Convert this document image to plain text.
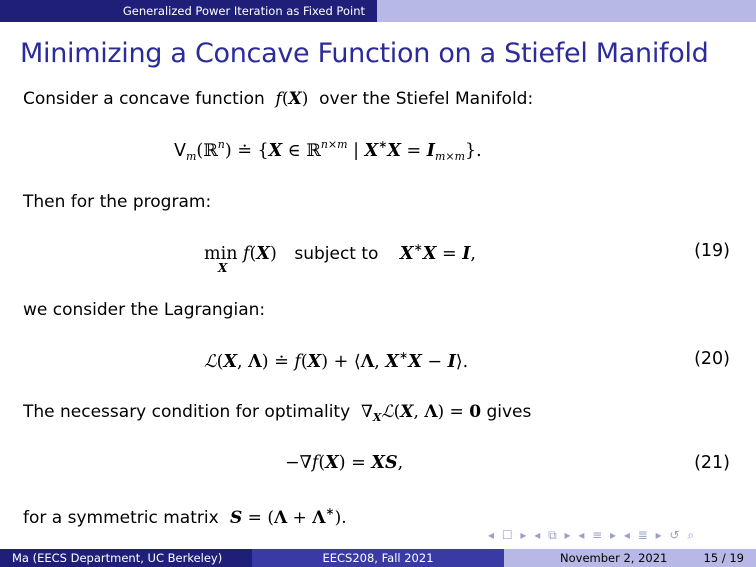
Generalized Power Iteration as Fixed Point
Minimizing a Concave Function on a Stiefel Manifold
Consider a concave function  f(X)  over the Stiefel Manifold:
$V_m(ℝ^n)$ ≐ {X ∈ ℝ$^{n\times m}$ | $X^∗X = I_{m\times m}$}.
Then for the program:
min
X
f(X) subject to X∗X = I,	(19)
we consider the Lagrangian:
ℒ(X, Λ) ≐ f(X) + ⟨Λ, X∗X − I⟩.	(20)
The necessary condition for optimality  $\nabla_Xℒ(X$, Λ) = 0 gives
−∇f(X) = XS,	(21)
for a symmetric matrix  S = (Λ + Λ∗).
◂ ☐ ▸ ◂ ⧉ ▸ ◂ ≡ ▸ ◂ ≣ ▸ ↺ ⌕
Ma (EECS Department, UC Berkeley)	EECS208, Fall 2021	November 2, 2021	15 / 19
